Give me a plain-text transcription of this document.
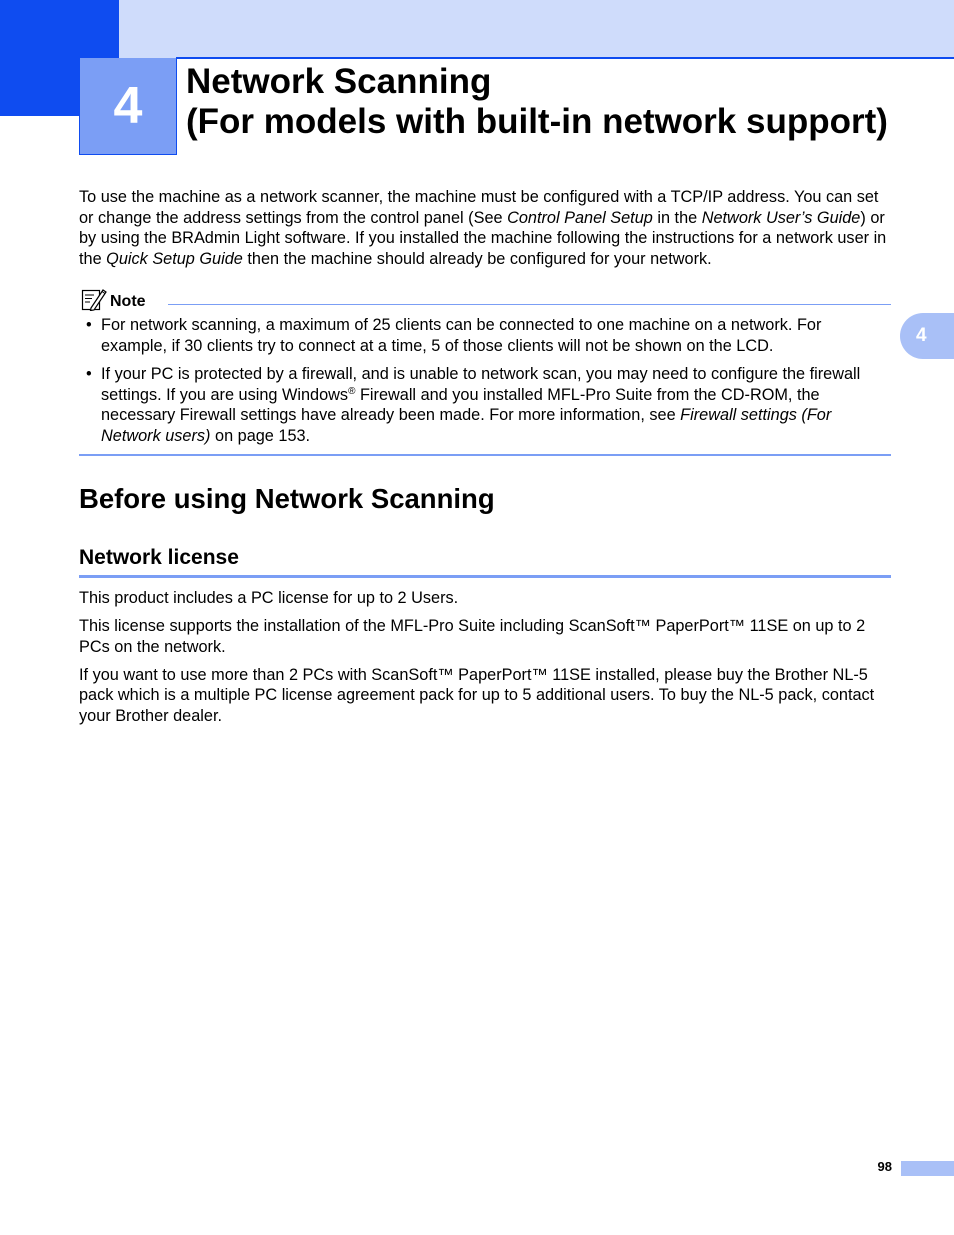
4	Network Scanning
(For models with built-in network support)
4

To use the machine as a network scanner, the machine must be configured with a TCP/IP address. You can set or change the address settings from the control panel (See Control Panel Setup in the Network User’s Guide) or by using the BRAdmin Light software. If you installed the machine following the instructions for a network user in the Quick Setup Guide then the machine should already be configured for your network.

Note
• For network scanning, a maximum of 25 clients can be connected to one machine on a network. For example, if 30 clients try to connect at a time, 5 of those clients will not be shown on the LCD.
• If your PC is protected by a firewall, and is unable to network scan, you may need to configure the firewall settings. If you are using Windows® Firewall and you installed MFL-Pro Suite from the CD-ROM, the necessary Firewall settings have already been made. For more information, see Firewall settings (For Network users) on page 153.
Before using Network Scanning
Network license

This product includes a PC license for up to 2 Users.

This license supports the installation of the MFL-Pro Suite including ScanSoft™ PaperPort™ 11SE on up to 2 PCs on the network.

If you want to use more than 2 PCs with ScanSoft™ PaperPort™ 11SE installed, please buy the Brother NL-5 pack which is a multiple PC license agreement pack for up to 5 additional users. To buy the NL-5 pack, contact your Brother dealer.

98
